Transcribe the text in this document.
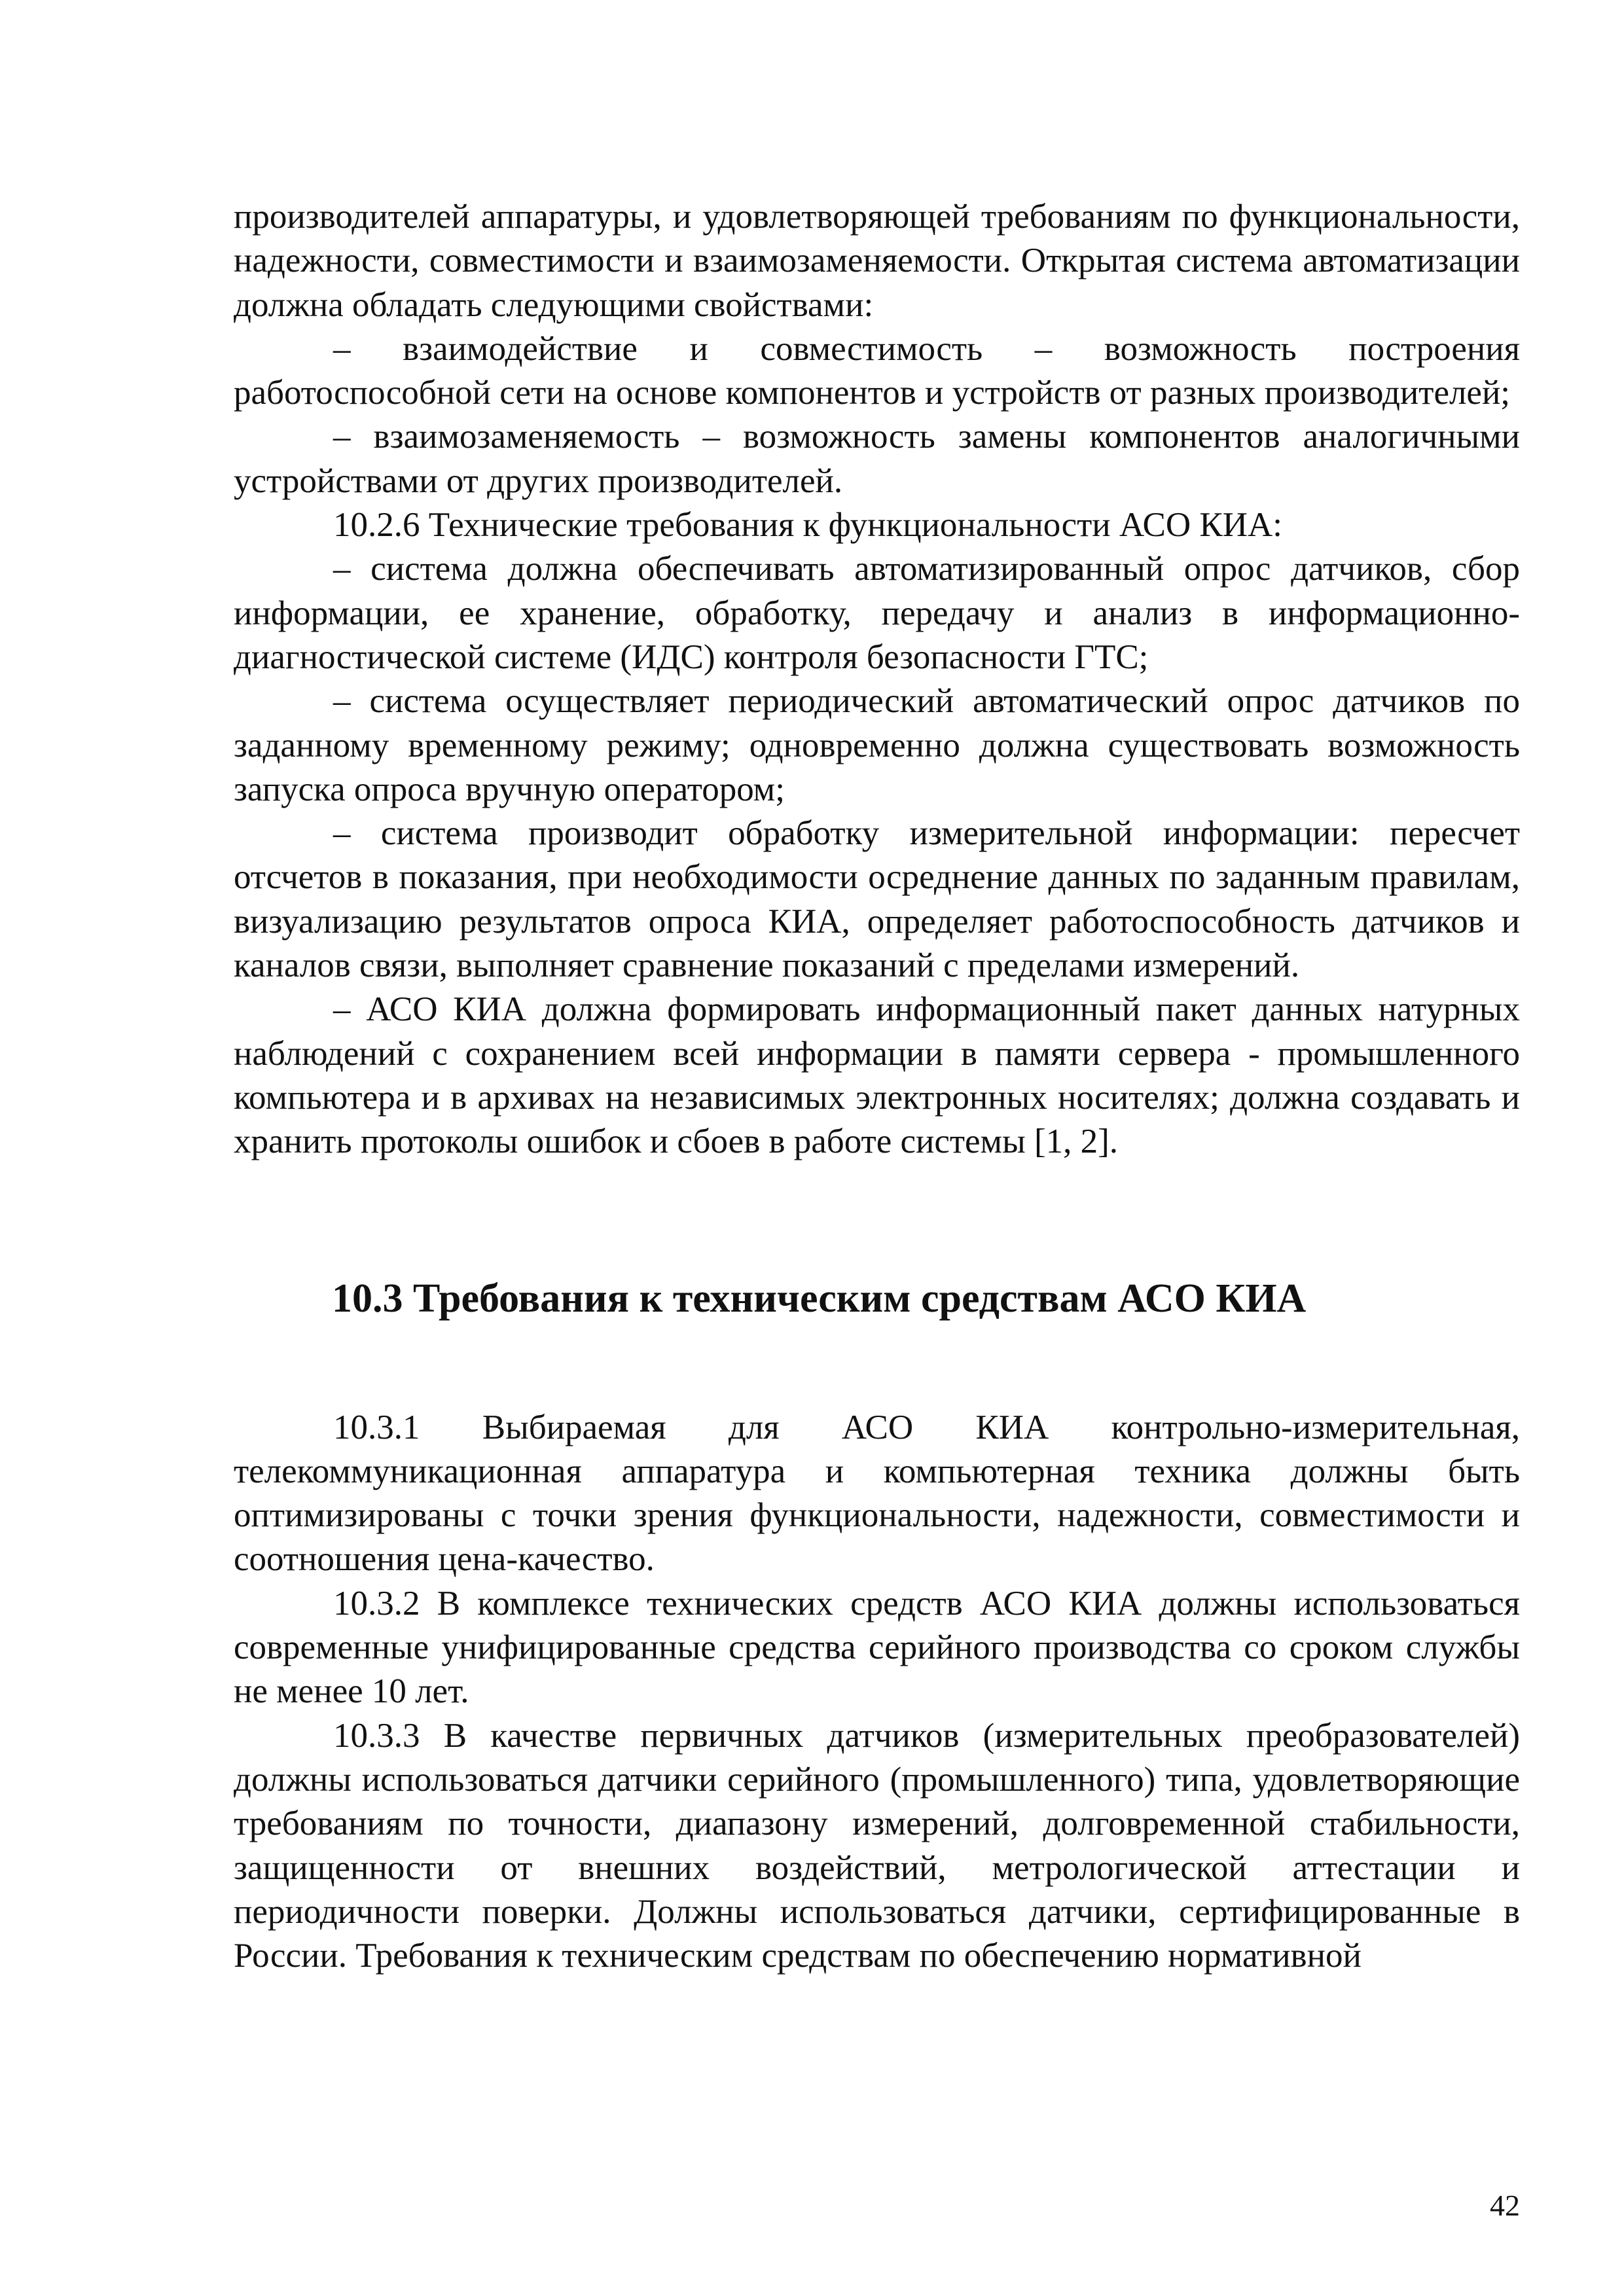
производителей аппаратуры, и удовлетворяющей требованиям по функциональности, надежности, совместимости и взаимозаменяемости. Открытая система автоматизации должна обладать следующими свойствами:

– взаимодействие и совместимость – возможность построения работоспособной сети на основе компонентов и устройств от разных производителей;

– взаимозаменяемость – возможность замены компонентов аналогичными устройствами от других производителей.

10.2.6 Технические требования к функциональности АСО КИА:

– система должна обеспечивать автоматизированный опрос датчиков, сбор информации, ее хранение, обработку, передачу и анализ в информационно-диагностической системе (ИДС) контроля безопасности ГТС;

– система осуществляет периодический автоматический опрос датчиков по заданному временному режиму; одновременно должна существовать возможность запуска опроса вручную оператором;

– система производит обработку измерительной информации: пересчет отсчетов в показания, при необходимости осреднение данных по заданным правилам, визуализацию результатов опроса КИА, определяет работоспособность датчиков и каналов связи, выполняет сравнение показаний с пределами измерений.

– АСО КИА должна формировать информационный пакет данных натурных наблюдений с сохранением всей информации в памяти сервера - промышленного компьютера и в архивах на независимых электронных носителях; должна создавать и хранить протоколы ошибок и сбоев в работе системы [1, 2].

10.3 Требования к техническим средствам АСО КИА

10.3.1 Выбираемая для АСО КИА контрольно-измерительная, телекоммуникационная аппаратура и компьютерная техника должны быть оптимизированы с точки зрения функциональности, надежности, совместимости и соотношения цена-качество.

10.3.2 В комплексе технических средств АСО КИА должны использоваться современные унифицированные средства серийного производства со сроком службы не менее 10 лет.

10.3.3 В качестве первичных датчиков (измерительных преобразователей) должны использоваться датчики серийного (промышленного) типа, удовлетворяющие требованиям по точности, диапазону измерений, долговременной стабильности, защищенности от внешних воздействий, метрологической аттестации и периодичности поверки. Должны использоваться датчики, сертифицированные в России. Требования к техническим средствам по обеспечению нормативной

42
